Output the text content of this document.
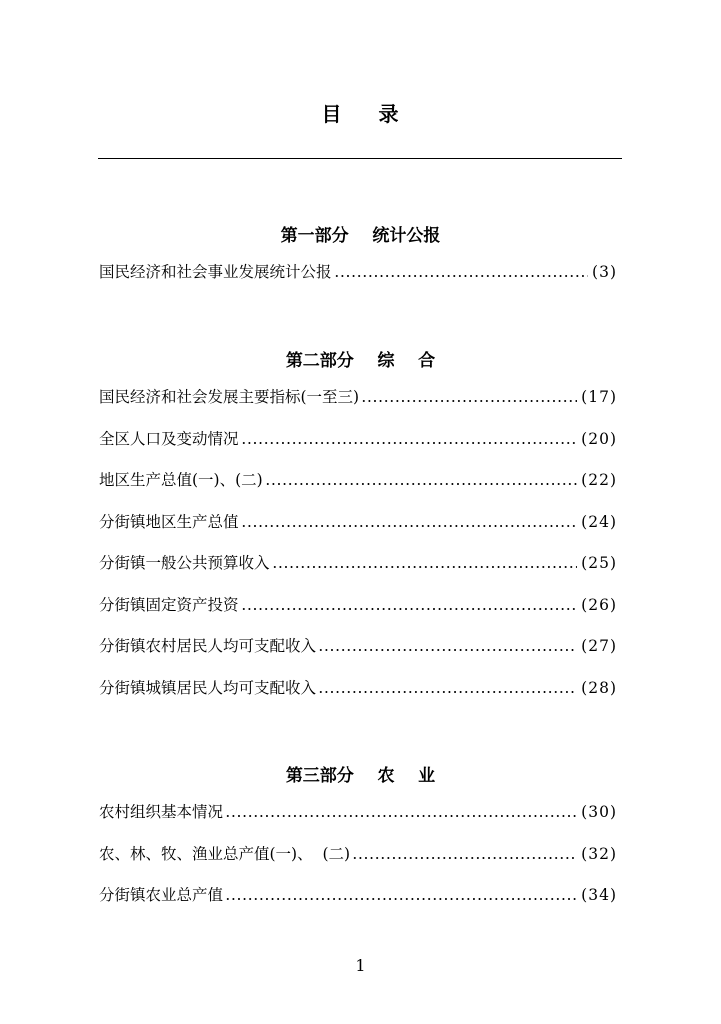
目 录
第一部分    统计公报
国民经济和社会事业发展统计公报	(3)
第二部分    综    合
国民经济和社会发展主要指标(一至三)	(17)
全区人口及变动情况	(20)
地区生产总值(一)、(二)	(22)
分街镇地区生产总值	(24)
分街镇一般公共预算收入	(25)
分街镇固定资产投资	(26)
分街镇农村居民人均可支配收入	(27)
分街镇城镇居民人均可支配收入	(28)
第三部分    农    业
农村组织基本情况	(30)
农、林、牧、渔业总产值(一)、  (二)	(32)
分街镇农业总产值	(34)
1
